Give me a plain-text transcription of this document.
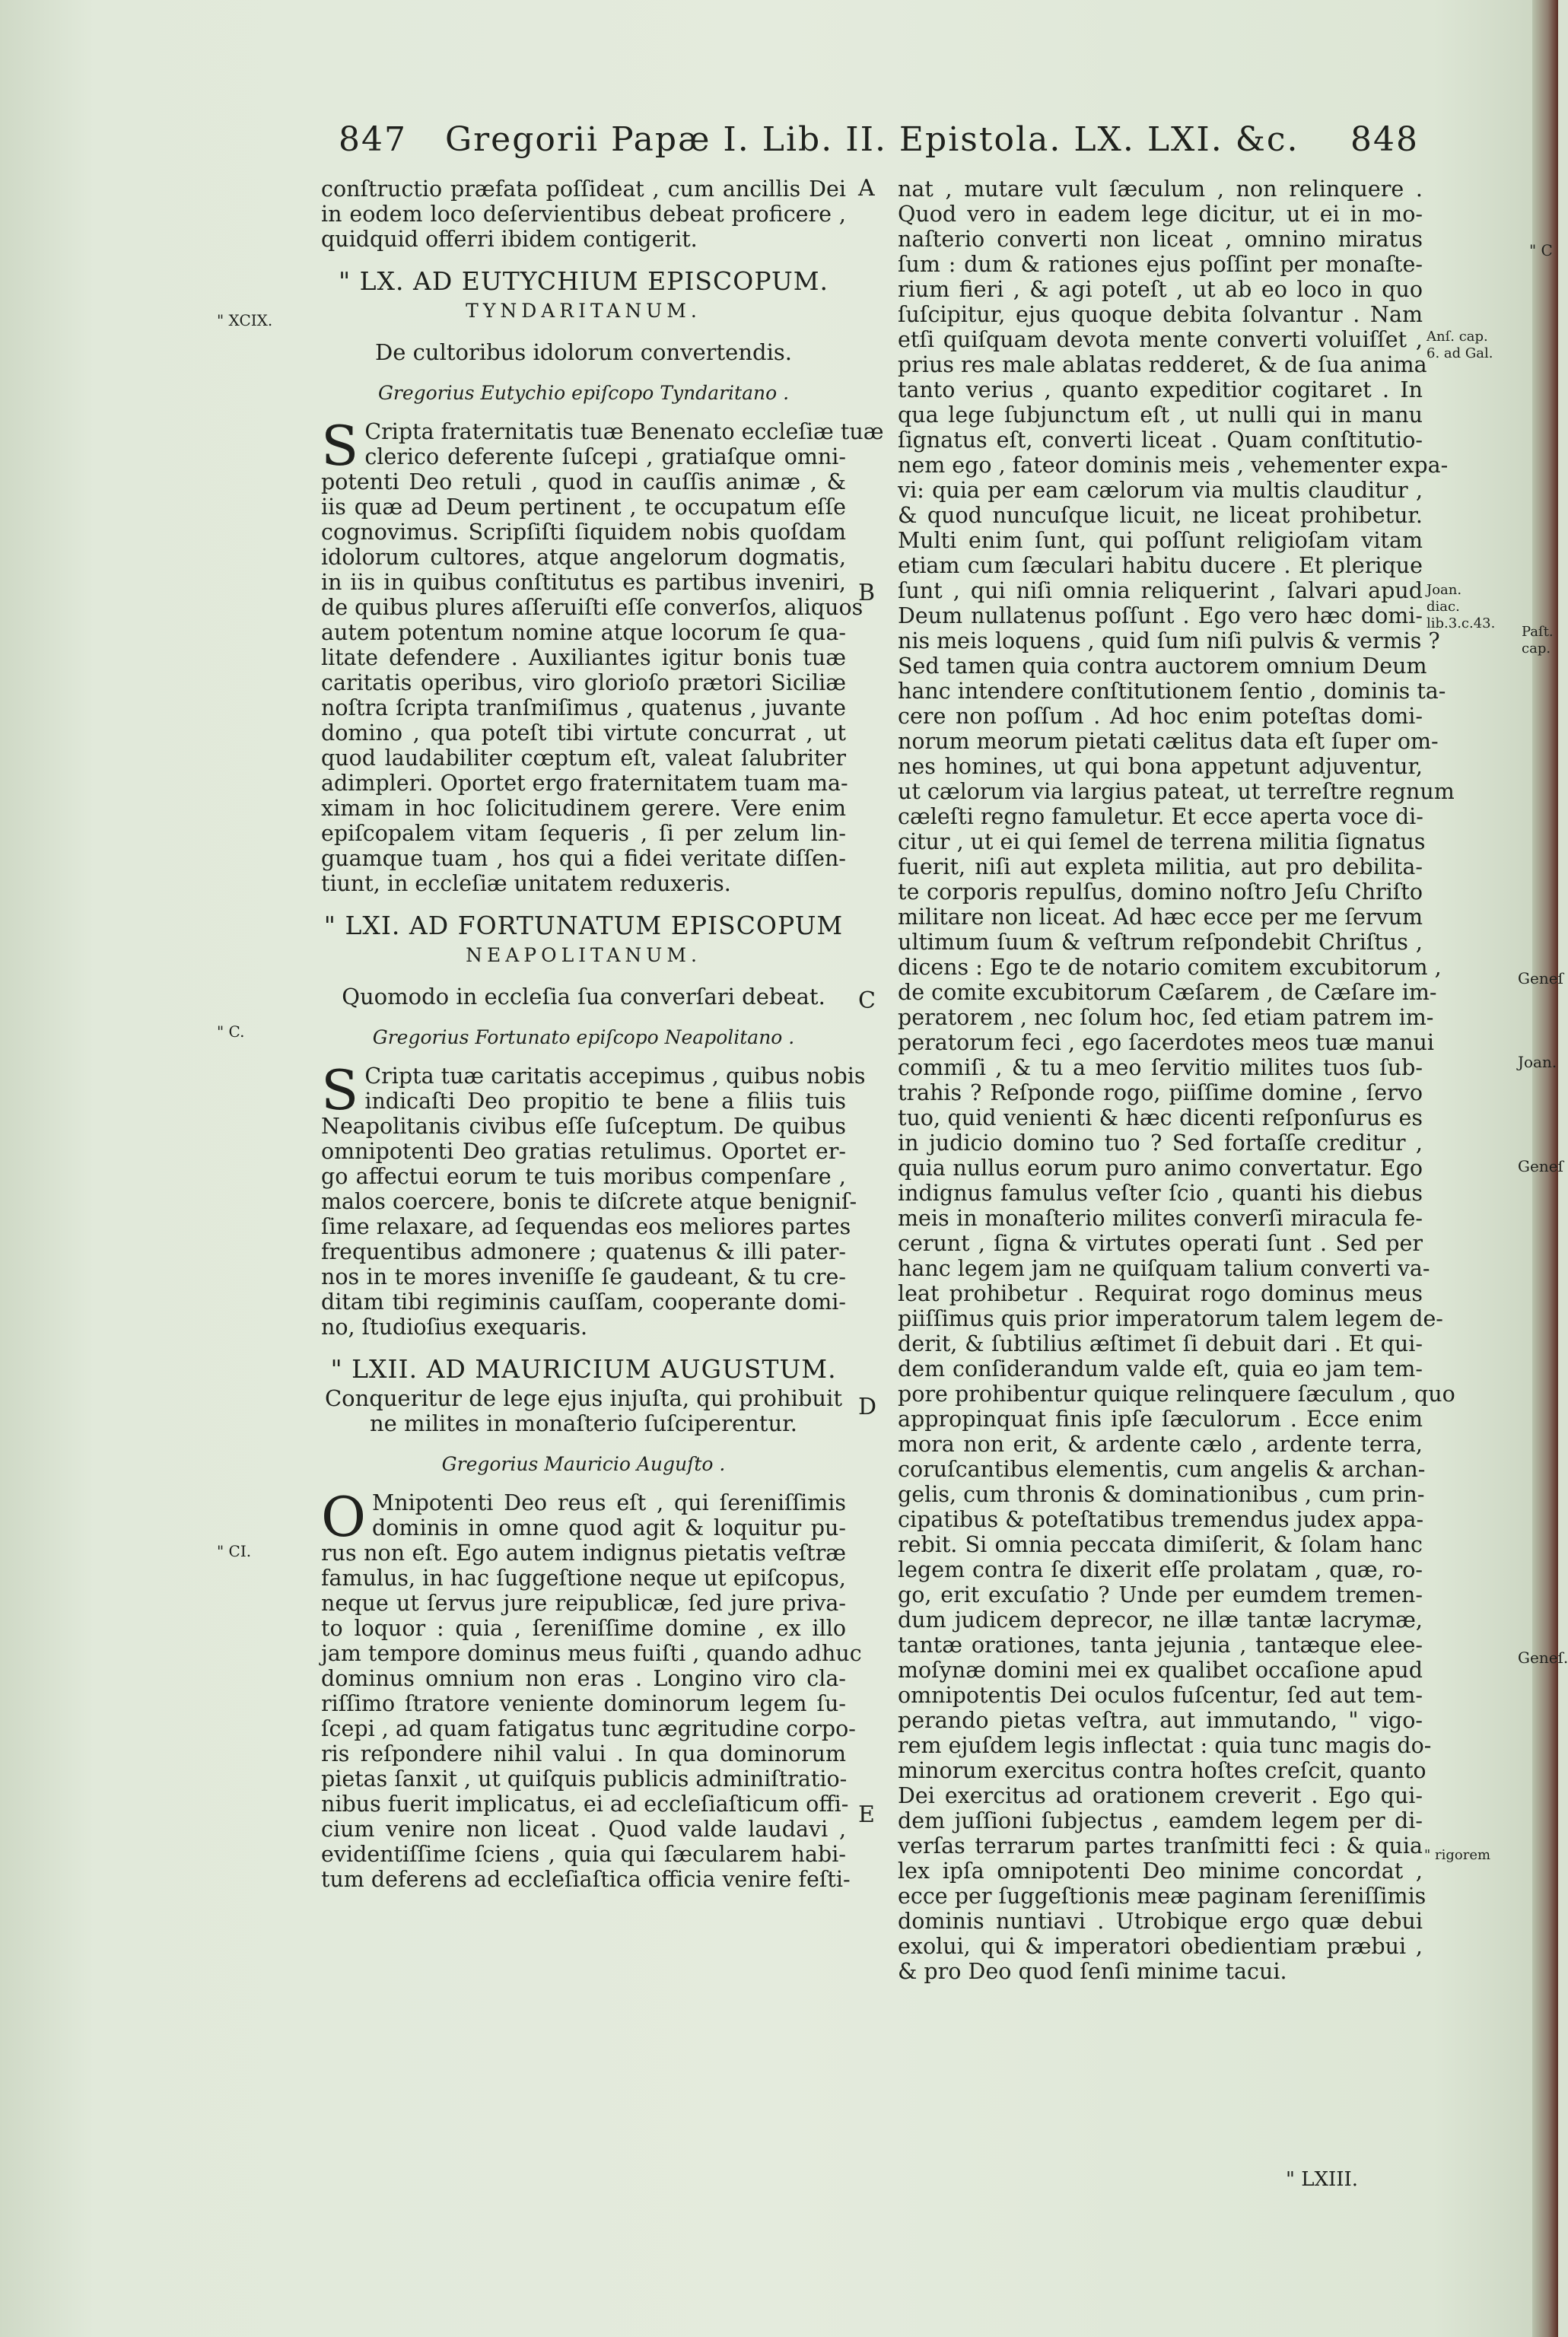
847 Gregorii Papæ I. Lib. II. Epistola. LX. LXI. &c. 848

conſtructio præfata poſſideat , cum ancillis Dei
in eodem loco deſervientibus debeat proficere ,
quidquid offerri ibidem contigerit.

" LX. AD EUTYCHIUM EPISCOPUM.
TYNDARITANUM.
De cultoribus idolorum convertendis.
Gregorius Eutychio epiſcopo Tyndaritano .

S Cripta fraternitatis tuæ Benenato eccleſiæ tuæ
clerico deferente ſuſcepi , gratiaſque omni-
potenti Deo retuli , quod in cauſſis animæ , &
iis quæ ad Deum pertinent , te occupatum eſſe
cognovimus. Scripſiſti ſiquidem nobis quoſdam
idolorum cultores, atque angelorum dogmatis,
in iis in quibus conſtitutus es partibus inveniri,
de quibus plures aſſeruiſti eſſe converſos, aliquos
autem potentum nomine atque locorum ſe qua-
litate defendere . Auxiliantes igitur bonis tuæ
caritatis operibus, viro glorioſo prætori Siciliæ
noſtra ſcripta tranſmiſimus , quatenus , juvante
domino , qua poteſt tibi virtute concurrat , ut
quod laudabiliter cœptum eſt, valeat ſalubriter
adimpleri. Oportet ergo fraternitatem tuam ma-
ximam in hoc ſolicitudinem gerere. Vere enim
epiſcopalem vitam ſequeris , ſi per zelum lin-
guamque tuam , hos qui a fidei veritate diſſen-
tiunt, in eccleſiæ unitatem reduxeris.

" LXI. AD FORTUNATUM EPISCOPUM
NEAPOLITANUM.
Quomodo in eccleſia ſua converſari debeat.
Gregorius Fortunato epiſcopo Neapolitano .

S Cripta tuæ caritatis accepimus , quibus nobis
indicaſti Deo propitio te bene a filiis tuis
Neapolitanis civibus eſſe ſuſceptum. De quibus
omnipotenti Deo gratias retulimus. Oportet er-
go affectui eorum te tuis moribus compenſare ,
malos coercere, bonis te diſcrete atque benigniſ-
ſime relaxare, ad ſequendas eos meliores partes
frequentibus admonere ; quatenus & illi pater-
nos in te mores inveniſſe ſe gaudeant, & tu cre-
ditam tibi regiminis cauſſam, cooperante domi-
no, ſtudioſius exequaris.

" LXII. AD MAURICIUM AUGUSTUM.
Conqueritur de lege ejus injuſta, qui prohibuit
ne milites in monaſterio ſuſciperentur.
Gregorius Mauricio Auguſto .

O Mnipotenti Deo reus eſt , qui ſereniſſimis
dominis in omne quod agit & loquitur pu-
rus non eſt. Ego autem indignus pietatis veſtræ
famulus, in hac ſuggeſtione neque ut epiſcopus,
neque ut ſervus jure reipublicæ, ſed jure priva-
to loquor : quia , ſereniſſime domine , ex illo
jam tempore dominus meus fuiſti , quando adhuc
dominus omnium non eras . Longino viro cla-
riſſimo ſtratore veniente dominorum legem ſu-
ſcepi , ad quam fatigatus tunc ægritudine corpo-
ris reſpondere nihil valui . In qua dominorum
pietas ſanxit , ut quiſquis publicis adminiſtratio-
nibus fuerit implicatus, ei ad eccleſiaſticum offi-
cium venire non liceat . Quod valde laudavi ,
evidentiſſime ſciens , quia qui ſæcularem habi-
tum deferens ad eccleſiaſtica officia venire feſti-

nat , mutare vult ſæculum , non relinquere .
Quod vero in eadem lege dicitur, ut ei in mo-
naſterio converti non liceat , omnino miratus
ſum : dum & rationes ejus poſſint per monaſte-
rium fieri , & agi poteſt , ut ab eo loco in quo
ſuſcipitur, ejus quoque debita ſolvantur . Nam
etſi quiſquam devota mente converti voluiſſet ,
prius res male ablatas redderet, & de ſua anima
tanto verius , quanto expeditior cogitaret . In
qua lege ſubjunctum eſt , ut nulli qui in manu
ſignatus eſt, converti liceat . Quam conſtitutio-
nem ego , fateor dominis meis , vehementer expa-
vi: quia per eam cælorum via multis clauditur ,
& quod nuncuſque licuit, ne liceat prohibetur.
Multi enim ſunt, qui poſſunt religioſam vitam
etiam cum ſæculari habitu ducere . Et plerique
ſunt , qui niſi omnia reliquerint , ſalvari apud
Deum nullatenus poſſunt . Ego vero hæc domi-
nis meis loquens , quid ſum niſi pulvis & vermis ?
Sed tamen quia contra auctorem omnium Deum
hanc intendere conſtitutionem ſentio , dominis ta-
cere non poſſum . Ad hoc enim poteſtas domi-
norum meorum pietati cælitus data eſt ſuper om-
nes homines, ut qui bona appetunt adjuventur,
ut cælorum via largius pateat, ut terreſtre regnum
cæleſti regno famuletur. Et ecce aperta voce di-
citur , ut ei qui ſemel de terrena militia ſignatus
fuerit, niſi aut expleta militia, aut pro debilita-
te corporis repulſus, domino noſtro Jeſu Chriſto
militare non liceat. Ad hæc ecce per me ſervum
ultimum ſuum & veſtrum reſpondebit Chriſtus ,
dicens : Ego te de notario comitem excubitorum ,
de comite excubitorum Cæſarem , de Cæſare im-
peratorem , nec ſolum hoc, ſed etiam patrem im-
peratorum feci , ego ſacerdotes meos tuæ manui
commiſi , & tu a meo ſervitio milites tuos ſub-
trahis ? Reſponde rogo, piiſſime domine , ſervo
tuo, quid venienti & hæc dicenti reſponſurus es
in judicio domino tuo ? Sed fortaſſe creditur ,
quia nullus eorum puro animo convertatur. Ego
indignus famulus veſter ſcio , quanti his diebus
meis in monaſterio milites converſi miracula fe-
cerunt , ſigna & virtutes operati ſunt . Sed per
hanc legem jam ne quiſquam talium converti va-
leat prohibetur . Requirat rogo dominus meus
piiſſimus quis prior imperatorum talem legem de-
derit, & ſubtilius æſtimet ſi debuit dari . Et qui-
dem conſiderandum valde eſt, quia eo jam tem-
pore prohibentur quique relinquere ſæculum , quo
appropinquat finis ipſe ſæculorum . Ecce enim
mora non erit, & ardente cælo , ardente terra,
coruſcantibus elementis, cum angelis & archan-
gelis, cum thronis & dominationibus , cum prin-
cipatibus & poteſtatibus tremendus judex appa-
rebit. Si omnia peccata dimiſerit, & ſolam hanc
legem contra ſe dixerit eſſe prolatam , quæ, ro-
go, erit excuſatio ? Unde per eumdem tremen-
dum judicem deprecor, ne illæ tantæ lacrymæ,
tantæ orationes, tanta jejunia , tantæque elee-
moſynæ domini mei ex qualibet occaſione apud
omnipotentis Dei oculos fuſcentur, ſed aut tem-
perando pietas veſtra, aut immutando, " vigo-
rem ejuſdem legis inflectat : quia tunc magis do-
minorum exercitus contra hoſtes creſcit, quanto
Dei exercitus ad orationem creverit . Ego qui-
dem juſſioni ſubjectus , eamdem legem per di-
verſas terrarum partes tranſmitti feci : & quia
lex ipſa omnipotenti Deo minime concordat ,
ecce per ſuggeſtionis meæ paginam ſereniſſimis
dominis nuntiavi . Utrobique ergo quæ debui
exolui, qui & imperatori obedientiam præbui ,
& pro Deo quod ſenſi minime tacui.

" LXIII.
A
B
C
D
E
" XCIX.
" C.
" CI.
" C
Anſ. cap. 6. ad Gal.
Joan. diac. lib.3.c.43.
Paſt. cap.
Geneſ
Joan.
Geneſ
Geneſ.
" rigorem
